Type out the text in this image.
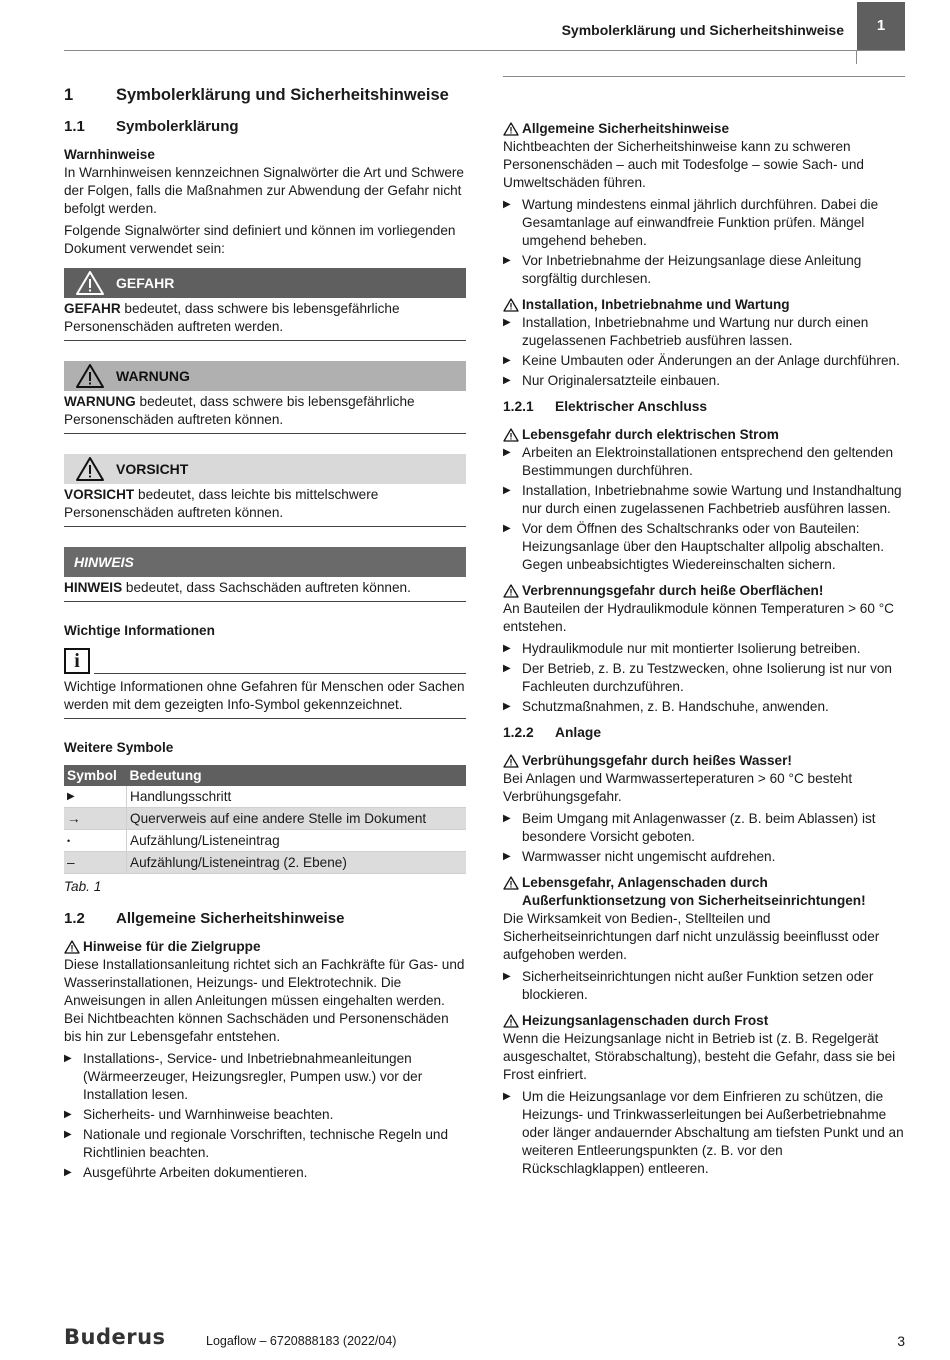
Symbolerklärung und Sicherheitshinweise	1
1	Symbolerklärung und Sicherheitshinweise
1.1	Symbolerklärung

Warnhinweise

In Warnhinweisen kennzeichnen Signalwörter die Art und Schwere der Folgen, falls die Maßnahmen zur Abwendung der Gefahr nicht befolgt werden.

Folgende Signalwörter sind definiert und können im vorliegenden Dokument verwendet sein:

GEFAHR
GEFAHR bedeutet, dass schwere bis lebensgefährliche Personenschäden auftreten werden.
WARNUNG
WARNUNG bedeutet, dass schwere bis lebensgefährliche Personenschäden auftreten können.
VORSICHT
VORSICHT bedeutet, dass leichte bis mittelschwere Personenschäden auftreten können.
HINWEIS
HINWEIS bedeutet, dass Sachschäden auftreten können.

Wichtige Informationen

i
Wichtige Informationen ohne Gefahren für Menschen oder Sachen werden mit dem gezeigten Info-Symbol gekennzeichnet.

Weitere Symbole

Symbol	Bedeutung
▶	Handlungsschritt
→	Querverweis auf eine andere Stelle im Dokument
•	Aufzählung/Listeneintrag
–	Aufzählung/Listeneintrag (2. Ebene)

Tab. 1

1.2	Allgemeine Sicherheitshinweise
Hinweise für die Zielgruppe

Diese Installationsanleitung richtet sich an Fachkräfte für Gas- und Wasserinstallationen, Heizungs- und Elektrotechnik. Die Anweisungen in allen Anleitungen müssen eingehalten werden. Bei Nichtbeachten können Sachschäden und Personenschäden bis hin zur Lebensgefahr entstehen.

▶ Installations-, Service- und Inbetriebnahmeanleitungen (Wärmeerzeuger, Heizungsregler, Pumpen usw.) vor der Installation lesen.
▶ Sicherheits- und Warnhinweise beachten.
▶ Nationale und regionale Vorschriften, technische Regeln und Richtlinien beachten.
▶ Ausgeführte Arbeiten dokumentieren.
Allgemeine Sicherheitshinweise

Nichtbeachten der Sicherheitshinweise kann zu schweren Personenschäden – auch mit Todesfolge – sowie Sach- und Umweltschäden führen.

▶ Wartung mindestens einmal jährlich durchführen. Dabei die Gesamtanlage auf einwandfreie Funktion prüfen. Mängel umgehend beheben.
▶ Vor Inbetriebnahme der Heizungsanlage diese Anleitung sorgfältig durchlesen.
Installation, Inbetriebnahme und Wartung
▶ Installation, Inbetriebnahme und Wartung nur durch einen zugelassenen Fachbetrieb ausführen lassen.
▶ Keine Umbauten oder Änderungen an der Anlage durchführen.
▶ Nur Originalersatzteile einbauen.
1.2.1	Elektrischer Anschluss
Lebensgefahr durch elektrischen Strom
▶ Arbeiten an Elektroinstallationen entsprechend den geltenden Bestimmungen durchführen.
▶ Installation, Inbetriebnahme sowie Wartung und Instandhaltung nur durch einen zugelassenen Fachbetrieb ausführen lassen.
▶ Vor dem Öffnen des Schaltschranks oder von Bauteilen: Heizungsanlage über den Hauptschalter allpolig abschalten. Gegen unbeabsichtigtes Wiedereinschalten sichern.
Verbrennungsgefahr durch heiße Oberflächen!

An Bauteilen der Hydraulikmodule können Temperaturen > 60 °C entstehen.

▶ Hydraulikmodule nur mit montierter Isolierung betreiben.
▶ Der Betrieb, z. B. zu Testzwecken, ohne Isolierung ist nur von Fachleuten durchzuführen.
▶ Schutzmaßnahmen, z. B. Handschuhe, anwenden.
1.2.2	Anlage
Verbrühungsgefahr durch heißes Wasser!

Bei Anlagen und Warmwasserteperaturen > 60 °C besteht Verbrühungsgefahr.

▶ Beim Umgang mit Anlagenwasser (z. B. beim Ablassen) ist besondere Vorsicht geboten.
▶ Warmwasser nicht ungemischt aufdrehen.
Lebensgefahr, Anlagenschaden durch Außerfunktionsetzung von Sicherheitseinrichtungen!

Die Wirksamkeit von Bedien-, Stellteilen und Sicherheitseinrichtungen darf nicht unzulässig beeinflusst oder aufgehoben werden.

▶ Sicherheitseinrichtungen nicht außer Funktion setzen oder blockieren.
Heizungsanlagenschaden durch Frost

Wenn die Heizungsanlage nicht in Betrieb ist (z. B. Regelgerät ausgeschaltet, Störabschaltung), besteht die Gefahr, dass sie bei Frost einfriert.

▶ Um die Heizungsanlage vor dem Einfrieren zu schützen, die Heizungs- und Trinkwasserleitungen bei Außerbetriebnahme oder länger andauernder Abschaltung am tiefsten Punkt und an weiteren Entleerungspunkten (z. B. vor den Rückschlagklappen) entleeren.
Buderus	Logaflow – 6720888183 (2022/04)	3
